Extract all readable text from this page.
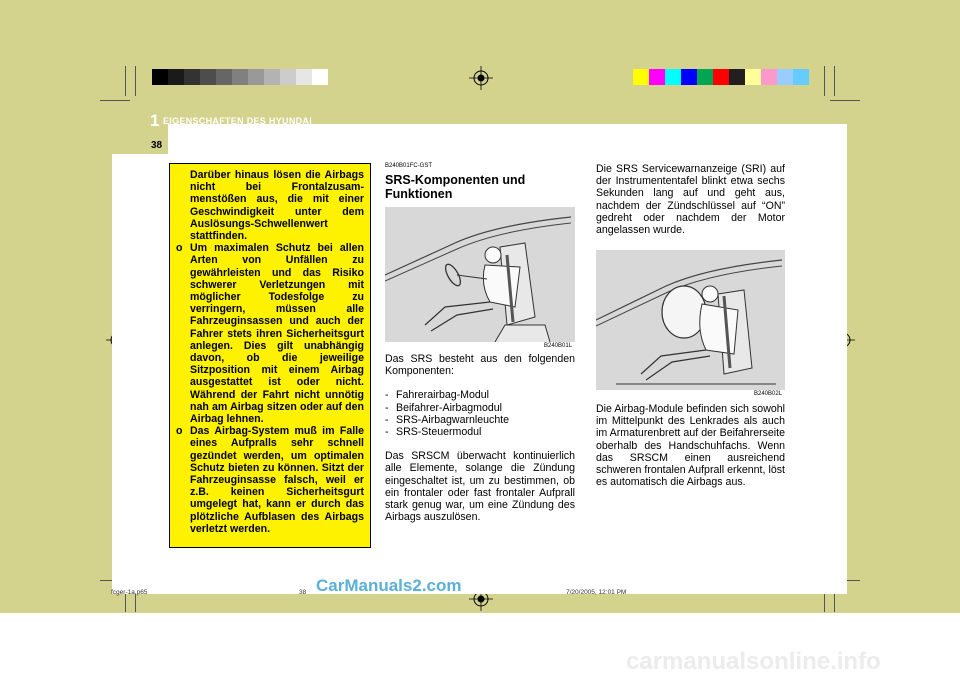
1 EIGENSCHAFTEN DES HYUNDAI
38
Darüber hinaus lösen die Airbags nicht bei Frontalzusam-menstößen aus, die mit einer Geschwindigkeit unter dem Auslösungs-Schwellenwert stattfinden.
o Um maximalen Schutz bei allen Arten von Unfällen zu gewährleisten und das Risiko schwerer Verletzungen mit möglicher Todesfolge zu verringern, müssen alle Fahrzeuginsassen und auch der Fahrer stets ihren Sicherheitsgurt anlegen. Dies gilt unabhängig davon, ob die jeweilige Sitzposition mit einem Airbag ausgestattet ist oder nicht. Während der Fahrt nicht unnötig nah am Airbag sitzen oder auf den Airbag lehnen.
o Das Airbag-System muß im Falle eines Aufpralls sehr schnell gezündet werden, um optimalen Schutz bieten zu können. Sitzt der Fahrzeuginsasse falsch, weil er z.B. keinen Sicherheitsgurt umgelegt hat, kann er durch das plötzliche Aufblasen des Airbags verletzt werden.
B240B01FC-GST
SRS-Komponenten und
Funktionen
B240B01L
Das SRS besteht aus den folgenden Komponenten:
- Fahrerairbag-Modul
- Beifahrer-Airbagmodul
- SRS-Airbagwarnleuchte
- SRS-Steuermodul
Das SRSCM überwacht kontinuierlich alle Elemente, solange die Zündung eingeschaltet ist, um zu bestimmen, ob ein frontaler oder fast frontaler Aufprall stark genug war, um eine Zündung des Airbags auszulösen.
Die SRS Servicewarnanzeige (SRI) auf der Instrumententafel blinkt etwa sechs Sekunden lang auf und geht aus, nachdem der Zündschlüssel auf “ON” gedreht oder nachdem der Motor angelassen wurde.
B240B02L
Die Airbag-Module befinden sich sowohl im Mittelpunkt des Lenkrades als auch im Armaturenbrett auf der Beifahrerseite oberhalb des Handschuhfachs. Wenn das SRSCM einen ausreichend schweren frontalen Aufprall erkennt, löst es automatisch die Airbags aus.
fcger-1a.p65	38	7/20/2005, 12:01 PM
CarManuals2.com
carmanualsonline.info
